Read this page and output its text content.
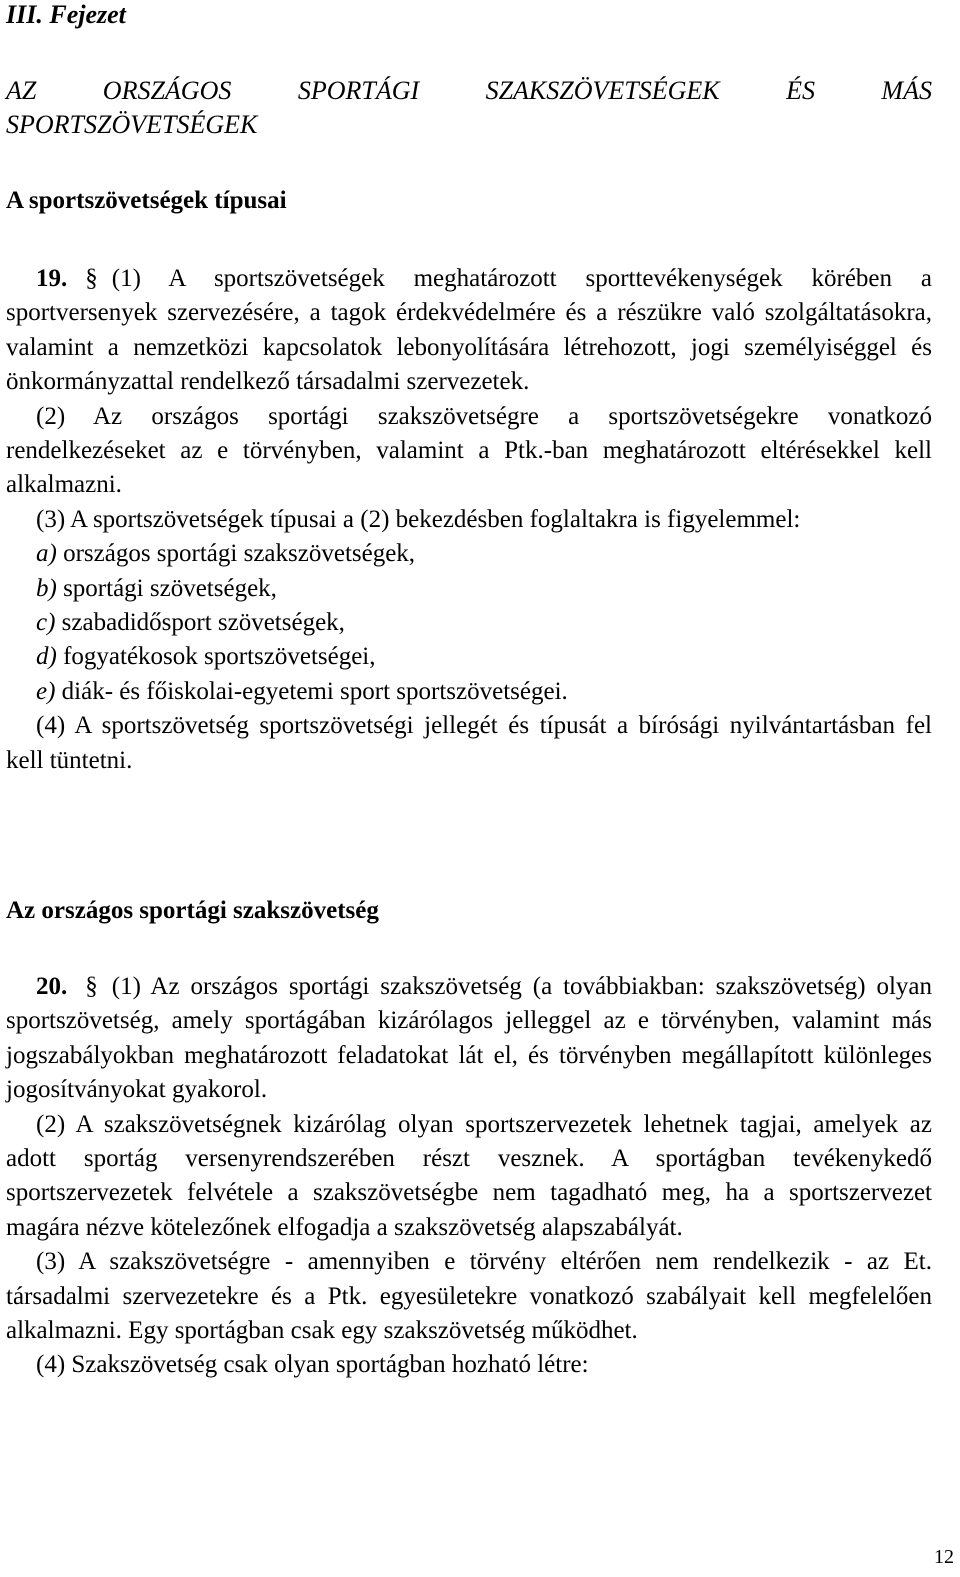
III. Fejezet
AZ	ORSZÁGOS	SPORTÁGI	SZAKSZÖVETSÉGEK	ÉS	MÁS
SPORTSZÖVETSÉGEK
A sportszövetségek típusai

19. § (1) A sportszövetségek meghatározott sporttevékenységek körében a sportversenyek szervezésére, a tagok érdekvédelmére és a részükre való szolgáltatásokra, valamint a nemzetközi kapcsolatok lebonyolítására létrehozott, jogi személyiséggel és önkormányzattal rendelkező társadalmi szervezetek.

(2) Az országos sportági szakszövetségre a sportszövetségekre vonatkozó rendelkezéseket az e törvényben, valamint a Ptk.-ban meghatározott eltérésekkel kell alkalmazni.

(3) A sportszövetségek típusai a (2) bekezdésben foglaltakra is figyelemmel:

a) országos sportági szakszövetségek,

b) sportági szövetségek,

c) szabadidősport szövetségek,

d) fogyatékosok sportszövetségei,

e) diák- és főiskolai-egyetemi sport sportszövetségei.

(4) A sportszövetség sportszövetségi jellegét és típusát a bírósági nyilvántartásban fel kell tüntetni.

Az országos sportági szakszövetség

20. § (1) Az országos sportági szakszövetség (a továbbiakban: szakszövetség) olyan sportszövetség, amely sportágában kizárólagos jelleggel az e törvényben, valamint más jogszabályokban meghatározott feladatokat lát el, és törvényben megállapított különleges jogosítványokat gyakorol.

(2) A szakszövetségnek kizárólag olyan sportszervezetek lehetnek tagjai, amelyek az adott sportág versenyrendszerében részt vesznek. A sportágban tevékenykedő sportszervezetek felvétele a szakszövetségbe nem tagadható meg, ha a sportszervezet magára nézve kötelezőnek elfogadja a szakszövetség alapszabályát.

(3) A szakszövetségre - amennyiben e törvény eltérően nem rendelkezik - az Et. társadalmi szervezetekre és a Ptk. egyesületekre vonatkozó szabályait kell megfelelően alkalmazni. Egy sportágban csak egy szakszövetség működhet.

(4) Szakszövetség csak olyan sportágban hozható létre:

12
